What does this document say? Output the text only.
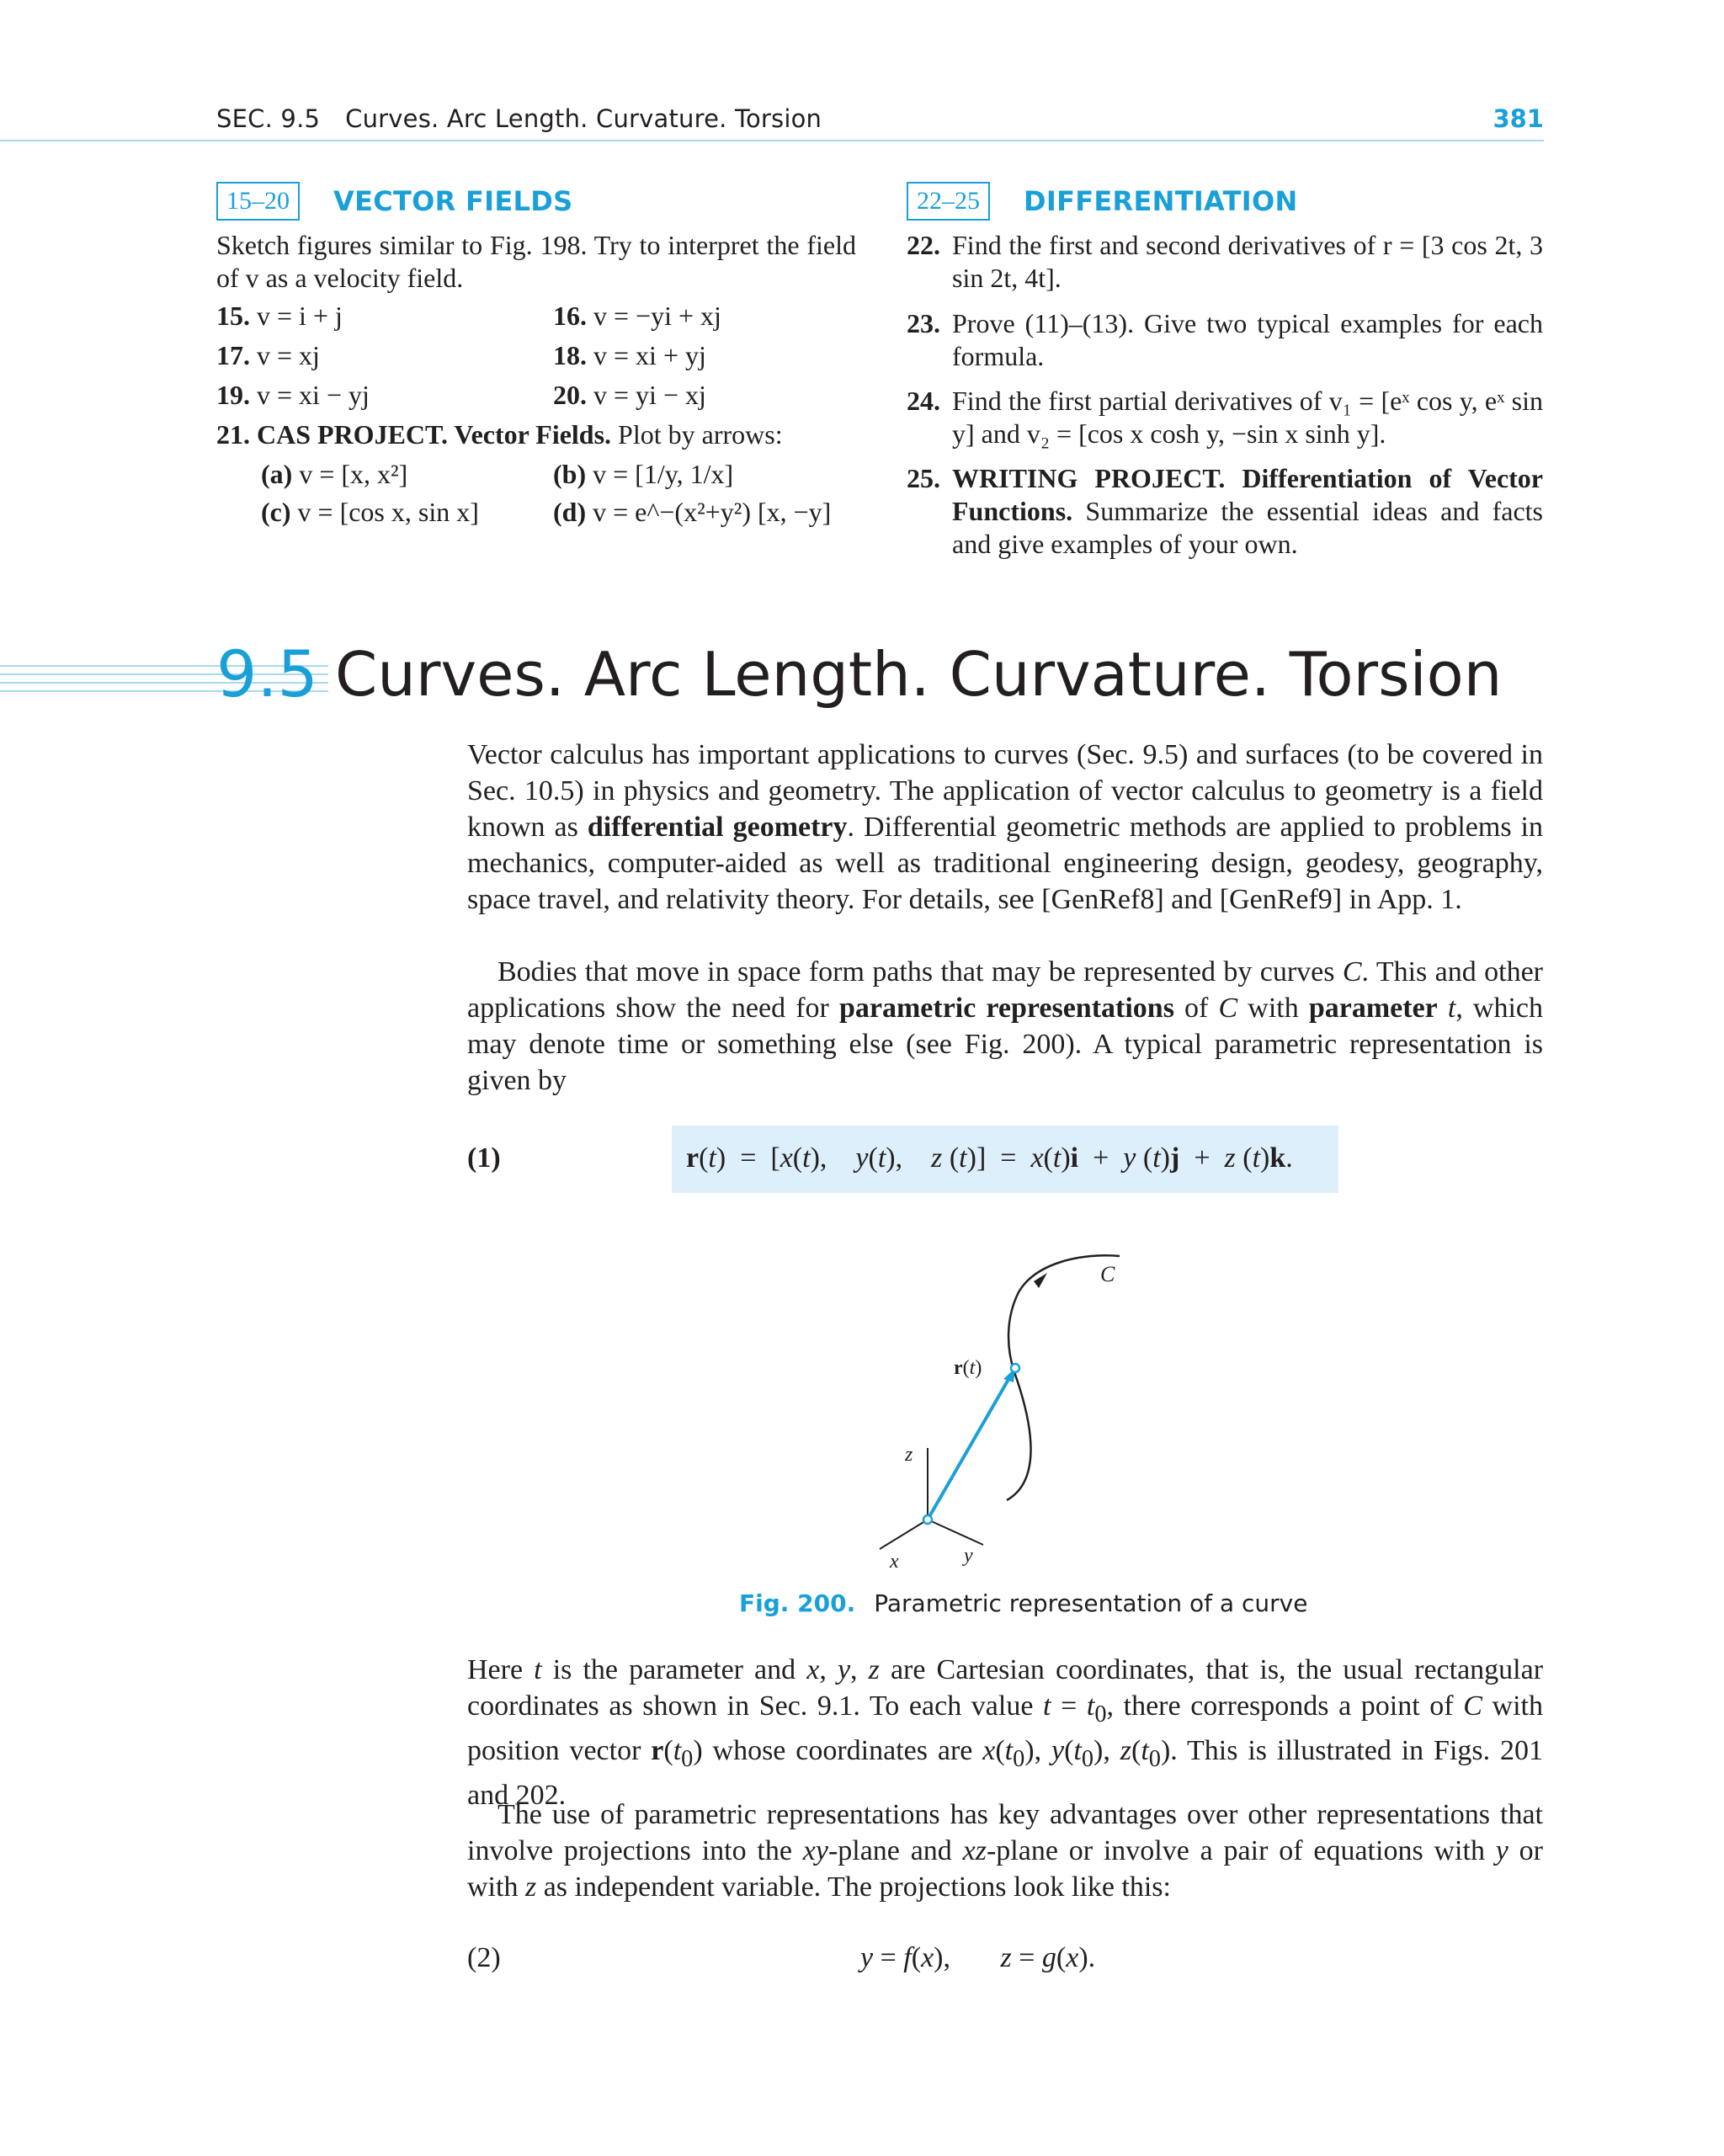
SEC. 9.5 Curves. Arc Length. Curvature. Torsion	381
15–20	VECTOR FIELDS
Sketch figures similar to Fig. 198. Try to interpret the field of v as a velocity field.
15. v = i + j	16. v = −yi + xj
17. v = xj	18. v = xi + yj
19. v = xi − yj	20. v = yi − xj
21. CAS PROJECT. Vector Fields. Plot by arrows:
(a) v = [x, x²]	(b) v = [1/y, 1/x]
(c) v = [cos x, sin x]	(d) v = e^−(x²+y²) [x, −y]
22–25	DIFFERENTIATION
22. Find the first and second derivatives of r = [3 cos 2t, 3 sin 2t, 4t].
23. Prove (11)–(13). Give two typical examples for each formula.
24. Find the first partial derivatives of v₁ = [eˣ cos y, eˣ sin y] and v₂ = [cos x cosh y, −sin x sinh y].
25. WRITING PROJECT. Differentiation of Vector Functions. Summarize the essential ideas and facts and give examples of your own.
9.5 Curves. Arc Length. Curvature. Torsion
Vector calculus has important applications to curves (Sec. 9.5) and surfaces (to be covered in Sec. 10.5) in physics and geometry. The application of vector calculus to geometry is a field known as differential geometry. Differential geometric methods are applied to problems in mechanics, computer-aided as well as traditional engineering design, geodesy, geography, space travel, and relativity theory. For details, see [GenRef8] and [GenRef9] in App. 1.
Bodies that move in space form paths that may be represented by curves C. This and other applications show the need for parametric representations of C with parameter t, which may denote time or something else (see Fig. 200). A typical parametric representation is given by
(1)	r(t)  =  [x(t),    y(t),    z (t)]  =  x(t)i  +  y (t)j  +  z (t)k.
C
r(t)
z
y
x
Fig. 200. Parametric representation of a curve
Here t is the parameter and x, y, z are Cartesian coordinates, that is, the usual rectangular coordinates as shown in Sec. 9.1. To each value $t = t_0$, there corresponds a point of C with position vector $r(t_0)$ whose coordinates are $x(t_0)$, $y(t_0)$, $z(t_0)$. This is illustrated in Figs. 201 and 202.
The use of parametric representations has key advantages over other representations that involve projections into the xy-plane and xz-plane or involve a pair of equations with y or with z as independent variable. The projections look like this:
(2)	y = f(x),       z = g(x).
